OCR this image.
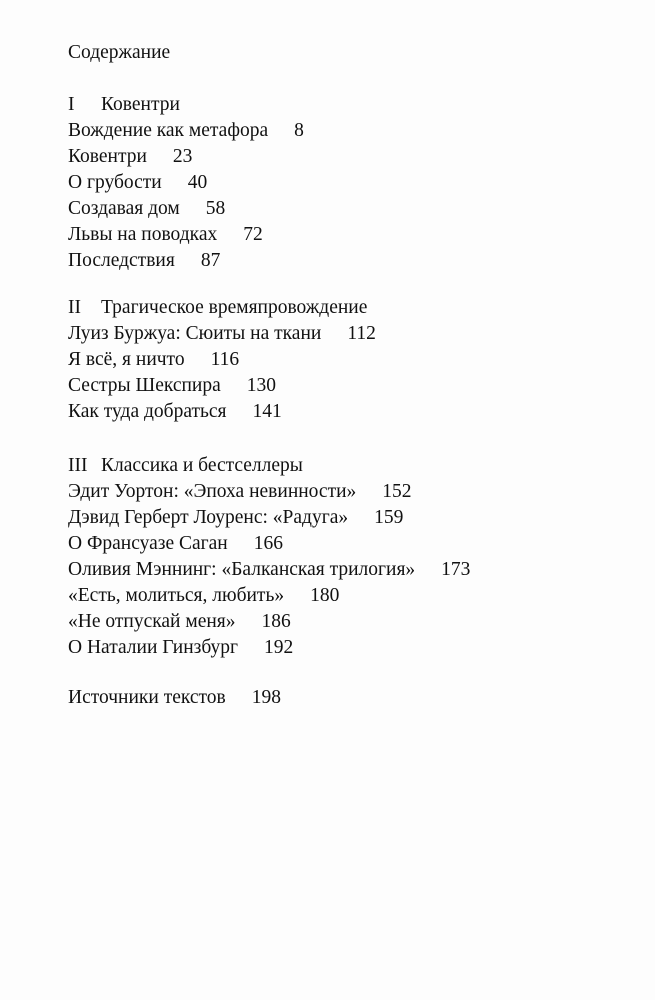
Содержание
I	Ковентри
Вождение как метафора 8
Ковентри 23
О грубости 40
Создавая дом 58
Львы на поводках 72
Последствия 87
II	Трагическое времяпровождение
Луиз Буржуа: Сюиты на ткани 112
Я всё, я ничто 116
Сестры Шекспира 130
Как туда добраться 141
III Классика и бестселлеры
Эдит Уортон: «Эпоха невинности» 152
Дэвид Герберт Лоуренс: «Радуга» 159
О Франсуазе Саган 166
Оливия Мэннинг: «Балканская трилогия» 173
«Есть, молиться, любить» 180
«Не отпускай меня» 186
О Наталии Гинзбург 192
Источники текстов 198
